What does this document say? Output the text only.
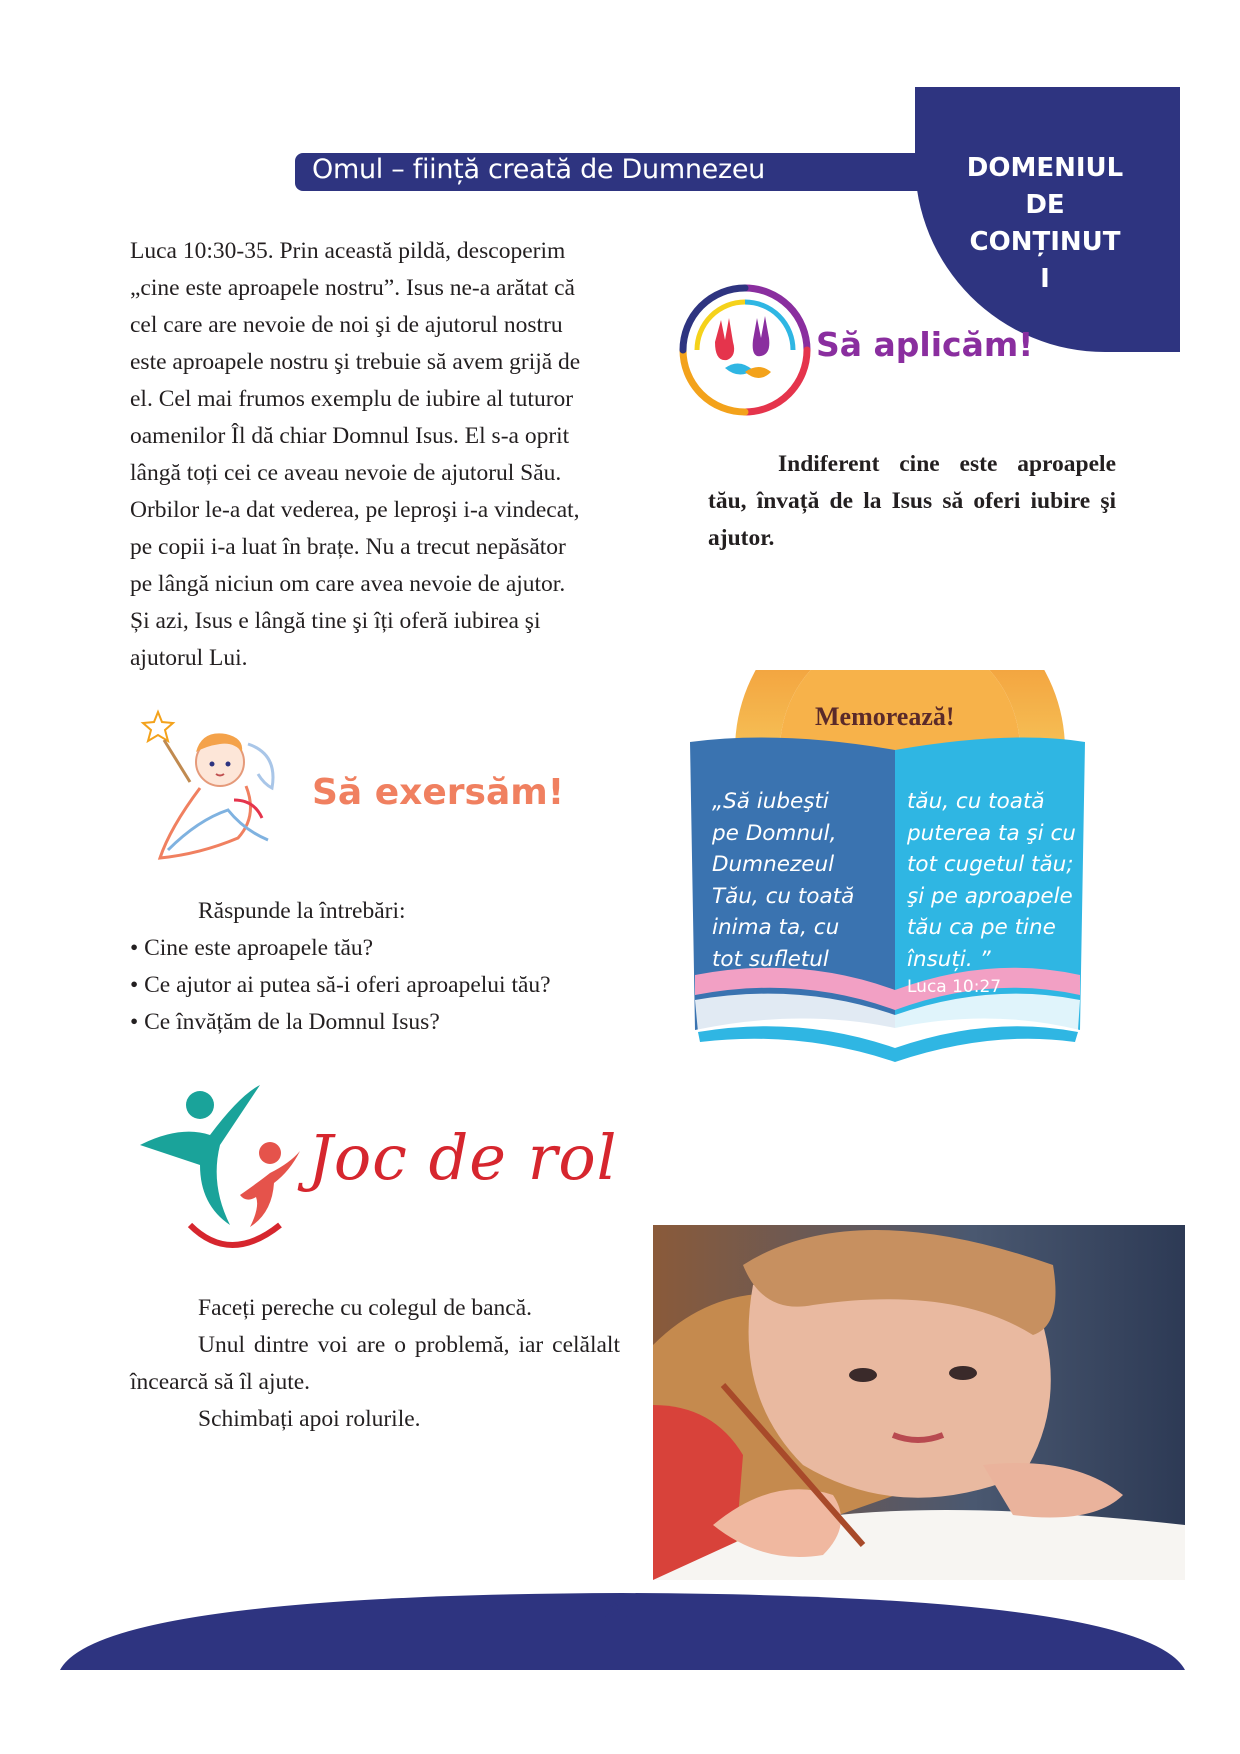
Omul – ființă creată de Dumnezeu	DOMENIUL
DE
CONȚINUT
I
Luca 10:30-35. Prin această pildă, descoperim
„cine este aproapele nostru”. Isus ne-a arătat că
cel care are nevoie de noi şi de ajutorul nostru
este aproapele nostru şi trebuie să avem grijă de
el. Cel mai frumos exemplu de iubire al tuturor
oamenilor Îl dă chiar Domnul Isus. El s-a oprit
lângă toți cei ce aveau nevoie de ajutorul Său.
Orbilor le-a dat vederea, pe leproşi i-a vindecat,
pe copii i-a luat în brațe. Nu a trecut nepăsător
pe lângă niciun om care avea nevoie de ajutor.
Și azi, Isus e lângă tine şi îți oferă iubirea şi
ajutorul Lui.
Să aplicăm!
Indiferent cine este aproapele tău, învață de la Isus să oferi iubire şi ajutor.
Să exersăm!
Răspunde la întrebări:
• Cine este aproapele tău?
• Ce ajutor ai putea să-i oferi aproapelui tău?
• Ce învățăm de la Domnul Isus?
Memorează!
„Să iubeşti
pe Domnul,
Dumnezeul
Tău, cu toată
inima ta, cu
tot sufletul
tău, cu toată
puterea ta şi cu
tot cugetul tău;
şi pe aproapele
tău ca pe tine
însuți. ”
Luca 10:27
Joc de rol
Faceți pereche cu colegul de bancă.
Unul dintre voi are o problemă, iar celălalt încearcă să îl ajute.
Schimbați apoi rolurile.
21
